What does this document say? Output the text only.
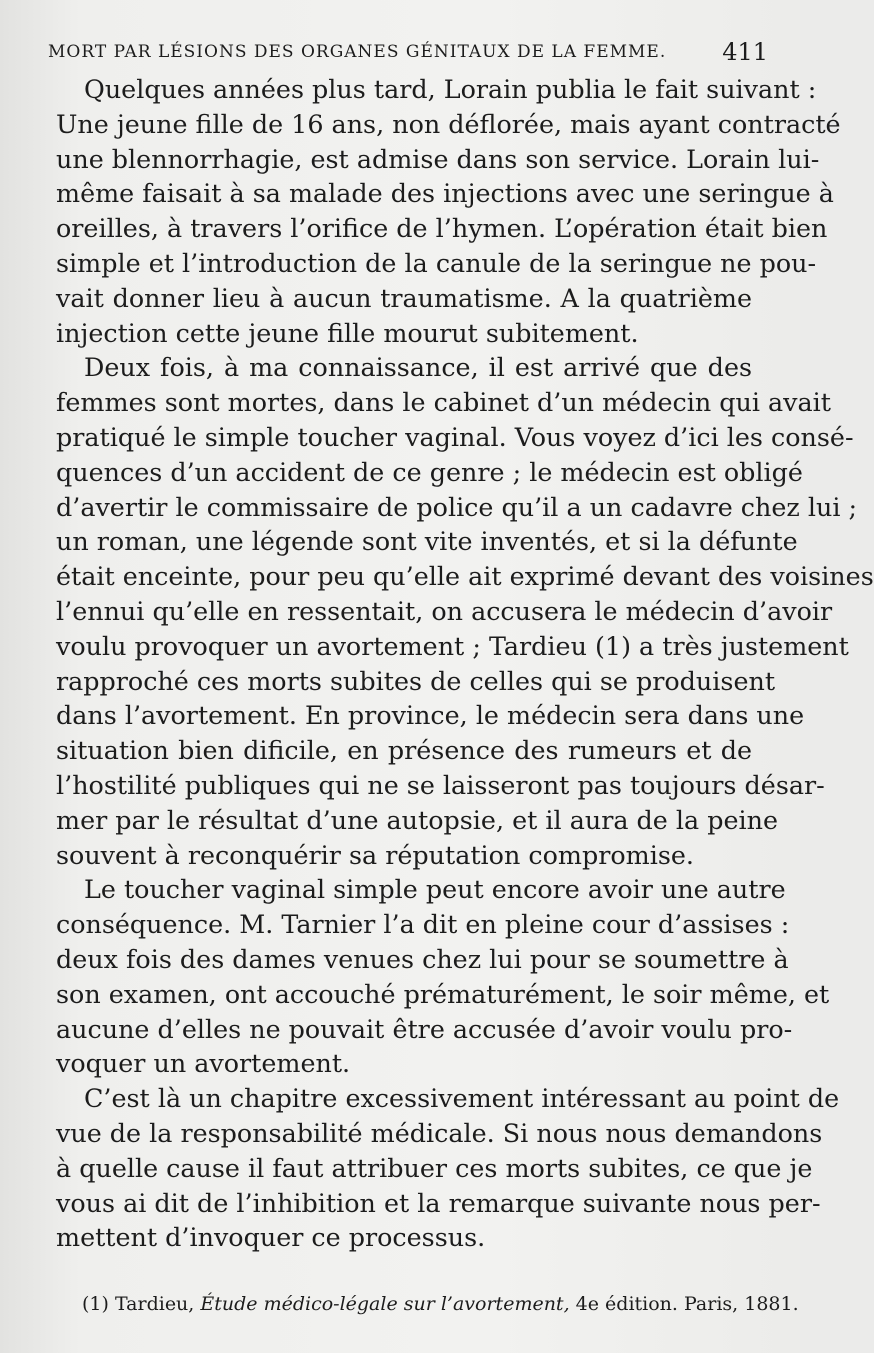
MORT PAR LÉSIONS DES ORGANES GÉNITAUX DE LA FEMME. 411
Quelques années plus tard, Lorain publia le fait suivant :
Une jeune fille de 16 ans, non déflorée, mais ayant contracté
une blennorrhagie, est admise dans son service. Lorain lui-
même faisait à sa malade des injections avec une seringue à
oreilles, à travers l’orifice de l’hymen. L’opération était bien
simple et l’introduction de la canule de la seringue ne pou-
vait donner lieu à aucun traumatisme. A la quatrième
injection cette jeune fille mourut subitement.
Deux fois, à ma connaissance, il est arrivé que des
femmes sont mortes, dans le cabinet d’un médecin qui avait
pratiqué le simple toucher vaginal. Vous voyez d’ici les consé-
quences d’un accident de ce genre ; le médecin est obligé
d’avertir le commissaire de police qu’il a un cadavre chez lui ;
un roman, une légende sont vite inventés, et si la défunte
était enceinte, pour peu qu’elle ait exprimé devant des voisines
l’ennui qu’elle en ressentait, on accusera le médecin d’avoir
voulu provoquer un avortement ; Tardieu (1) a très justement
rapproché ces morts subites de celles qui se produisent
dans l’avortement. En province, le médecin sera dans une
situation bien dificile, en présence des rumeurs et de
l’hostilité publiques qui ne se laisseront pas toujours désar-
mer par le résultat d’une autopsie, et il aura de la peine
souvent à reconquérir sa réputation compromise.
Le toucher vaginal simple peut encore avoir une autre
conséquence. M. Tarnier l’a dit en pleine cour d’assises :
deux fois des dames venues chez lui pour se soumettre à
son examen, ont accouché prématurément, le soir même, et
aucune d’elles ne pouvait être accusée d’avoir voulu pro-
voquer un avortement.
C’est là un chapitre excessivement intéressant au point de
vue de la responsabilité médicale. Si nous nous demandons
à quelle cause il faut attribuer ces morts subites, ce que je
vous ai dit de l’inhibition et la remarque suivante nous per-
mettent d’invoquer ce processus.
(1) Tardieu, Étude médico-légale sur l’avortement, 4e édition. Paris, 1881.
